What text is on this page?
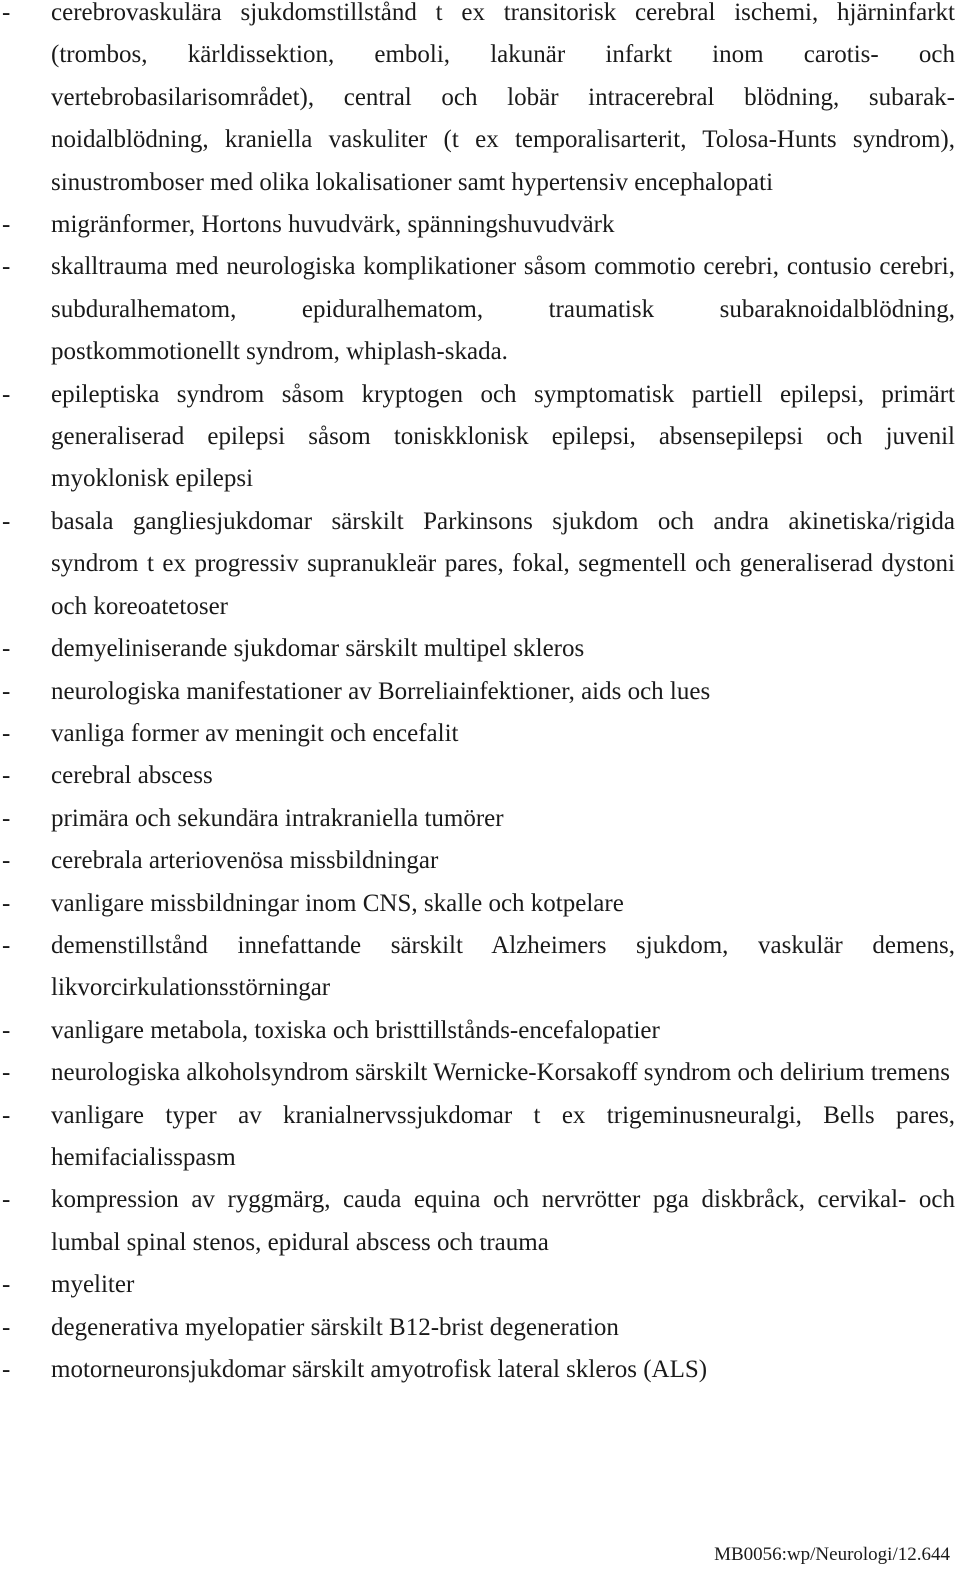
- cerebrovaskulära sjukdomstillstånd t ex transitorisk cerebral ischemi, hjärninfarkt (trombos, kärldissektion, emboli, lakunär infarkt inom carotis- och vertebrobasilarisområdet), central och lobär intracerebral blödning, subaraknoidalblödning, kraniella vaskuliter (t ex temporalisarterit, Tolosa-Hunts syndrom), sinustromboser med olika lokalisationer samt hypertensiv encephalopati
- migränformer, Hortons huvudvärk, spänningshuvudvärk
- skalltrauma med neurologiska komplikationer såsom commotio cerebri, contusio cerebri, subduralhematom, epiduralhematom, traumatisk subaraknoidalblödning, postkommotionellt syndrom, whiplash-skada.
- epileptiska syndrom såsom kryptogen och symptomatisk partiell epilepsi, primärt generaliserad epilepsi såsom toniskklonisk epilepsi, absensepilepsi och juvenil myoklonisk epilepsi
- basala gangliesjukdomar särskilt Parkinsons sjukdom och andra akinetiska/rigida syndrom t ex progressiv supranukleär pares, fokal, segmentell och generaliserad dystoni och koreoatetoser
- demyeliniserande sjukdomar särskilt multipel skleros
- neurologiska manifestationer av Borreliainfektioner, aids och lues
- vanliga former av meningit och encefalit
- cerebral abscess
- primära och sekundära intrakraniella tumörer
- cerebrala arteriovenösa missbildningar
- vanligare missbildningar inom CNS, skalle och kotpelare
- demenstillstånd innefattande särskilt Alzheimers sjukdom, vaskulär demens, likvorcirkulationsstörningar
- vanligare metabola, toxiska och bristtillstånds-encefalopatier
- neurologiska alkoholsyndrom särskilt Wernicke-Korsakoff syndrom och delirium tremens
- vanligare typer av kranialnervssjukdomar t ex trigeminusneuralgi, Bells pares, hemifacialisspasm
- kompression av ryggmärg, cauda equina och nervrötter pga diskbråck, cervikal- och lumbal spinal stenos, epidural abscess och trauma
- myeliter
- degenerativa myelopatier särskilt B12-brist degeneration
- motorneuronsjukdomar särskilt amyotrofisk lateral skleros (ALS)
MB0056:wp/Neurologi/12.644
